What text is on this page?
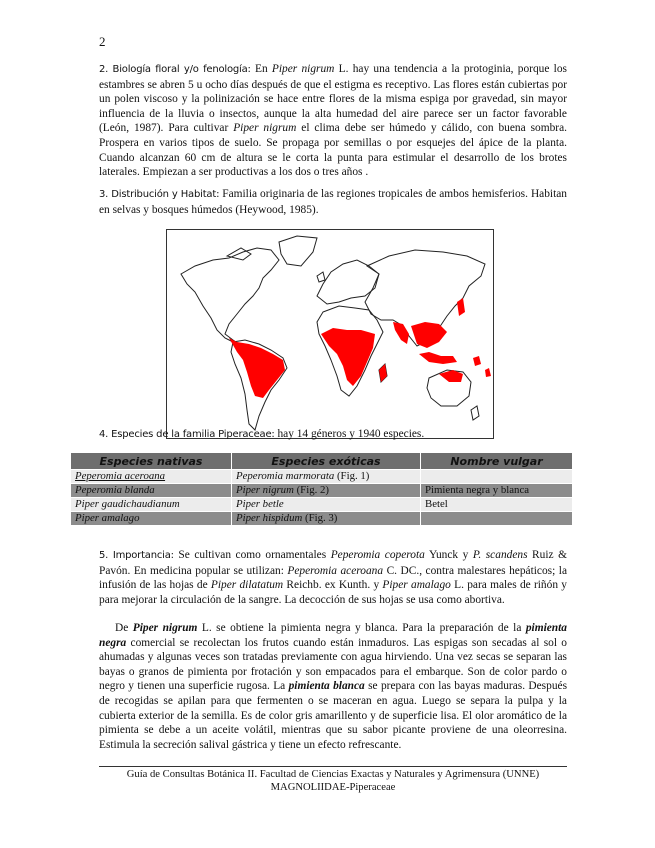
2

2. Biología floral y/o fenología: En Piper nigrum L. hay una tendencia a la protoginia, porque los estambres se abren 5 u ocho días después de que el estigma es receptivo. Las flores están cubiertas por un polen viscoso y la polinización se hace entre flores de la misma espiga por gravedad, sin mayor influencia de la lluvia o insectos, aunque la alta humedad del aire parece ser un factor favorable (León, 1987). Para cultivar Piper nigrum el clima debe ser húmedo y cálido, con buena sombra. Prospera en varios tipos de suelo. Se propaga por semillas o por esquejes del ápice de la planta. Cuando alcanzan 60 cm de altura se le corta la punta para estimular el desarrollo de los brotes laterales. Empiezan a ser productivas a los dos o tres años .

3. Distribución y Habitat: Familia originaria de las regiones tropicales de ambos hemisferios. Habitan en selvas y bosques húmedos (Heywood, 1985).

4. Especies de la familia Piperaceae: hay 14 géneros y 1940 especies.

Especies nativas	Especies exóticas	Nombre vulgar
Peperomia aceroana	Peperomia marmorata (Fig. 1)	
Peperomia blanda	Piper nigrum (Fig. 2)	Pimienta negra y blanca
Piper gaudichaudianum	Piper betle	Betel
Piper amalago	Piper hispidum (Fig. 3)	

5. Importancia: Se cultivan como ornamentales Peperomia coperota Yunck y P. scandens Ruiz & Pavón. En medicina popular se utilizan: Peperomia aceroana C. DC., contra malestares hepáticos; la infusión de las hojas de Piper dilatatum Reichb. ex Kunth. y Piper amalago L. para males de riñón y para mejorar la circulación de la sangre. La decocción de sus hojas se usa como abortiva.

De Piper nigrum L. se obtiene la pimienta negra y blanca. Para la preparación de la pimienta negra comercial se recolectan los frutos cuando están inmaduros. Las espigas son secadas al sol o ahumadas y algunas veces son tratadas previamente con agua hirviendo. Una vez secas se separan las bayas o granos de pimienta por frotación y son empacados para el embarque. Son de color pardo o negro y tienen una superficie rugosa. La pimienta blanca se prepara con las bayas maduras. Después de recogidas se apilan para que fermenten o se maceran en agua. Luego se separa la pulpa y la cubierta exterior de la semilla. Es de color gris amarillento y de superficie lisa. El olor aromático de la pimienta se debe a un aceite volátil, mientras que su sabor picante proviene de una oleorresina. Estimula la secreción salival gástrica y tiene un efecto refrescante.

Guía de Consultas Botánica II. Facultad de Ciencias Exactas y Naturales y Agrimensura (UNNE)
MAGNOLIIDAE-Piperaceae
